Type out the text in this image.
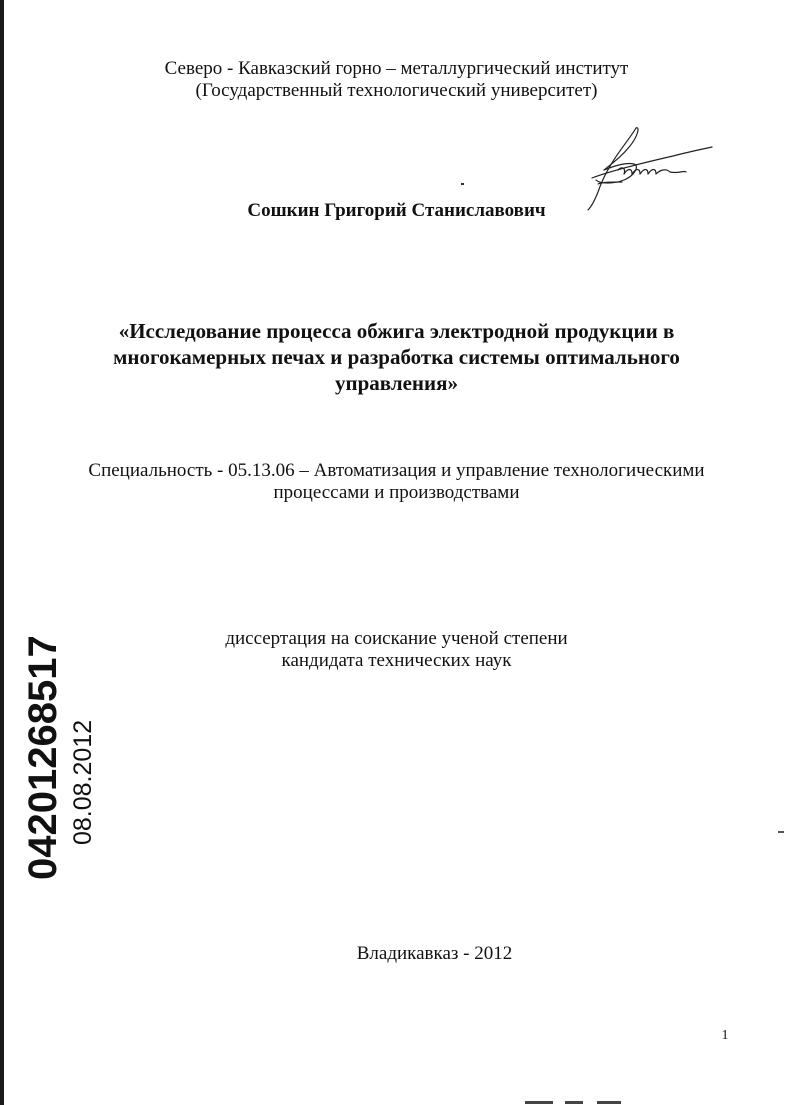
Северо - Кавказский горно – металлургический институт
(Государственный технологический университет)
Сошкин Григорий Станиславович
«Исследование процесса обжига электродной продукции в
многокамерных печах и разработка системы оптимального
управления»
Специальность - 05.13.06 – Автоматизация и управление технологическими
процессами и производствами
диссертация на соискание ученой степени
кандидата технических наук
04201268517 08.08.2012
Владикавказ - 2012
1
